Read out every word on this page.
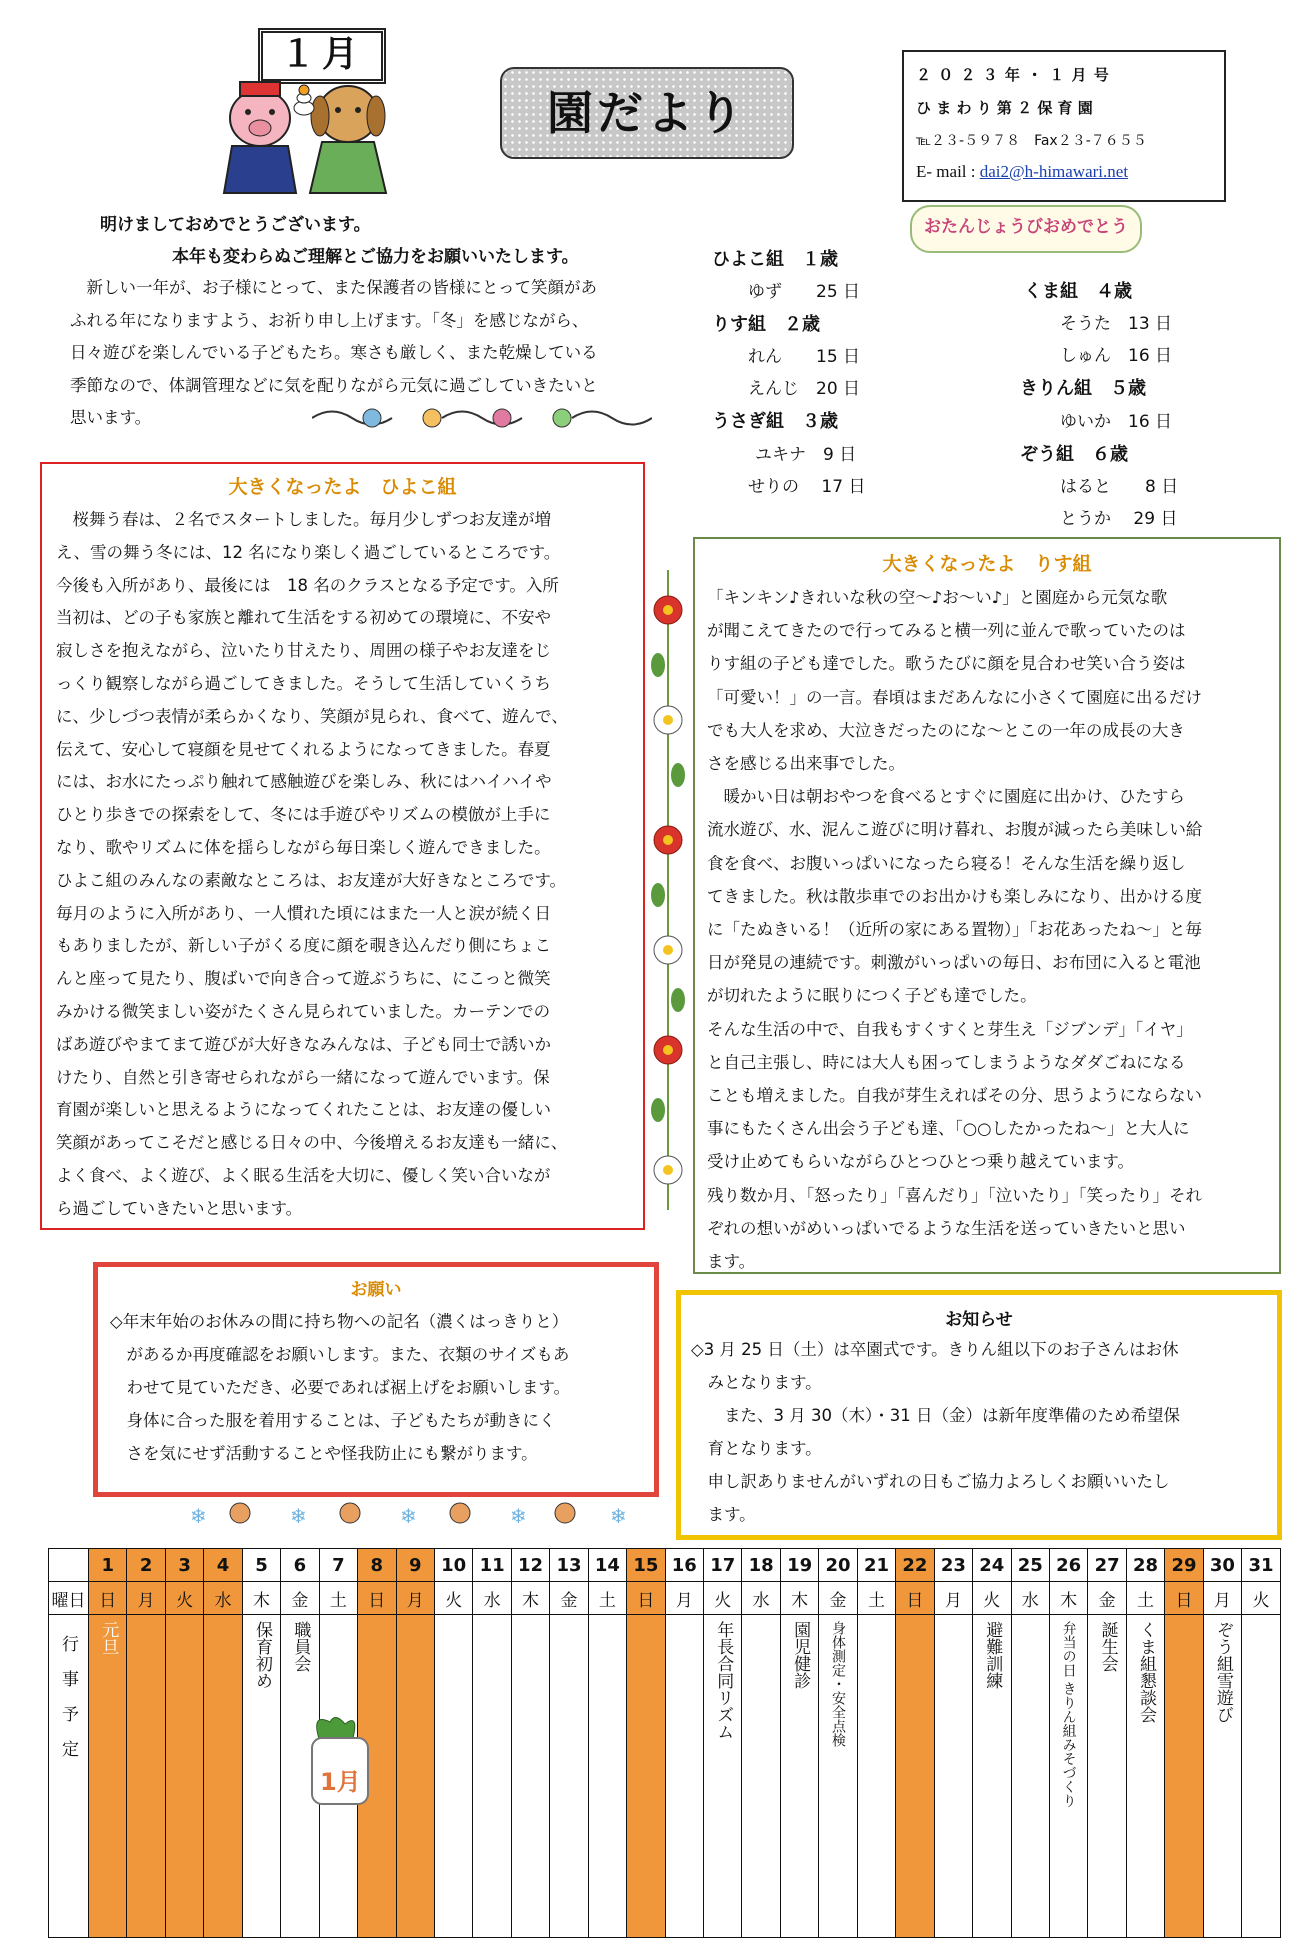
１月
園だより
２ ０ ２ ３ 年 ・ １ 月 号
ひ ま わ り 第 ２ 保 育 園
℡２３-５９７８　Fax２３-７６５５
E- mail : dai2@h-himawari.net
おたんじょうびおめでとう
明けましておめでとうございます。
本年も変わらぬご理解とご協力をお願いいたします。

　新しい一年が、お子様にとって、また保護者の皆様にとって笑顔があ

ふれる年になりますよう、お祈り申し上げます。「冬」を感じながら、

日々遊びを楽しんでいる子どもたち。寒さも厳しく、また乾燥している

季節なので、体調管理などに気を配りながら元気に過ごしていきたいと

思います。

ひよこ組　１歳
ゆず　　25 日
りす組　２歳
れん　　15 日
えんじ　20 日
うさぎ組　３歳
ユキナ　9 日
せりの　 17 日
くま組　４歳
そうた　13 日
しゅん　16 日
きりん組　５歳
ゆいか　16 日
ぞう組　６歳
はると　　8 日
とうか　 29 日
大きくなったよ　ひよこ組

　桜舞う春は、２名でスタートしました。毎月少しずつお友達が増

え、雪の舞う冬には、12 名になり楽しく過ごしているところです。

今後も入所があり、最後には　18 名のクラスとなる予定です。入所

当初は、どの子も家族と離れて生活をする初めての環境に、不安や

寂しさを抱えながら、泣いたり甘えたり、周囲の様子やお友達をじ

っくり観察しながら過ごしてきました。そうして生活していくうち

に、少しづつ表情が柔らかくなり、笑顔が見られ、食べて、遊んで、

伝えて、安心して寝顔を見せてくれるようになってきました。春夏

には、お水にたっぷり触れて感触遊びを楽しみ、秋にはハイハイや

ひとり歩きでの探索をして、冬には手遊びやリズムの模倣が上手に

なり、歌やリズムに体を揺らしながら毎日楽しく遊んできました。

ひよこ組のみんなの素敵なところは、お友達が大好きなところです。

毎月のように入所があり、一人慣れた頃にはまた一人と涙が続く日

もありましたが、新しい子がくる度に顔を覗き込んだり側にちょこ

んと座って見たり、腹ばいで向き合って遊ぶうちに、にこっと微笑

みかける微笑ましい姿がたくさん見られていました。カーテンでの

ばあ遊びやまてまて遊びが大好きなみんなは、子ども同士で誘いか

けたり、自然と引き寄せられながら一緒になって遊んでいます。保

育園が楽しいと思えるようになってくれたことは、お友達の優しい

笑顔があってこそだと感じる日々の中、今後増えるお友達も一緒に、

よく食べ、よく遊び、よく眠る生活を大切に、優しく笑い合いなが

ら過ごしていきたいと思います。

大きくなったよ　りす組

「キンキン♪きれいな秋の空～♪お～い♪」と園庭から元気な歌

が聞こえてきたので行ってみると横一列に並んで歌っていたのは

りす組の子ども達でした。歌うたびに顔を見合わせ笑い合う姿は

「可愛い！」の一言。春頃はまだあんなに小さくて園庭に出るだけ

でも大人を求め、大泣きだったのにな～とこの一年の成長の大き

さを感じる出来事でした。

　暖かい日は朝おやつを食べるとすぐに園庭に出かけ、ひたすら

流水遊び、水、泥んこ遊びに明け暮れ、お腹が減ったら美味しい給

食を食べ、お腹いっぱいになったら寝る！そんな生活を繰り返し

てきました。秋は散歩車でのお出かけも楽しみになり、出かける度

に「たぬきいる！（近所の家にある置物）」「お花あったね～」と毎

日が発見の連続です。刺激がいっぱいの毎日、お布団に入ると電池

が切れたように眠りにつく子ども達でした。

そんな生活の中で、自我もすくすくと芽生え「ジブンデ」「イヤ」

と自己主張し、時には大人も困ってしまうようなダダごねになる

ことも増えました。自我が芽生えればその分、思うようにならない

事にもたくさん出会う子ども達、「○○したかったね～」と大人に

受け止めてもらいながらひとつひとつ乗り越えています。

残り数か月、「怒ったり」「喜んだり」「泣いたり」「笑ったり」それ

ぞれの想いがめいっぱいでるような生活を送っていきたいと思い

ます。

お願い

◇年末年始のお休みの間に持ち物への記名（濃くはっきりと）

　があるか再度確認をお願いします。また、衣類のサイズもあ

　わせて見ていただき、必要であれば裾上げをお願いします。

　身体に合った服を着用することは、子どもたちが動きにく

　さを気にせず活動することや怪我防止にも繋がります。

お知らせ

◇3 月 25 日（土）は卒園式です。きりん組以下のお子さんはお休

　みとなります。

　　また、3 月 30（木）・31 日（金）は新年度準備のため希望保

　育となります。

　申し訳ありませんがいずれの日もご協力よろしくお願いいたし

　ます。

❄	❄	❄	❄	❄
	1	2	3	4	5	6	7	8	9	10	11	12	13	14	15	16	17	18	19	20	21	22	23	24	25	26	27	28	29	30	31
曜日	日	月	火	水	木	金	土	日	月	火	水	木	金	土	日	月	火	水	木	金	土	日	月	火	水	木	金	土	日	月	火
行事予定	元旦				保育初め	職員会											年長合同リズム		園児健診	身体測定・安全点検				避難訓練		弁当の日 きりん組みそづくり	誕生会	くま組懇談会		ぞう組雪遊び	
1月
